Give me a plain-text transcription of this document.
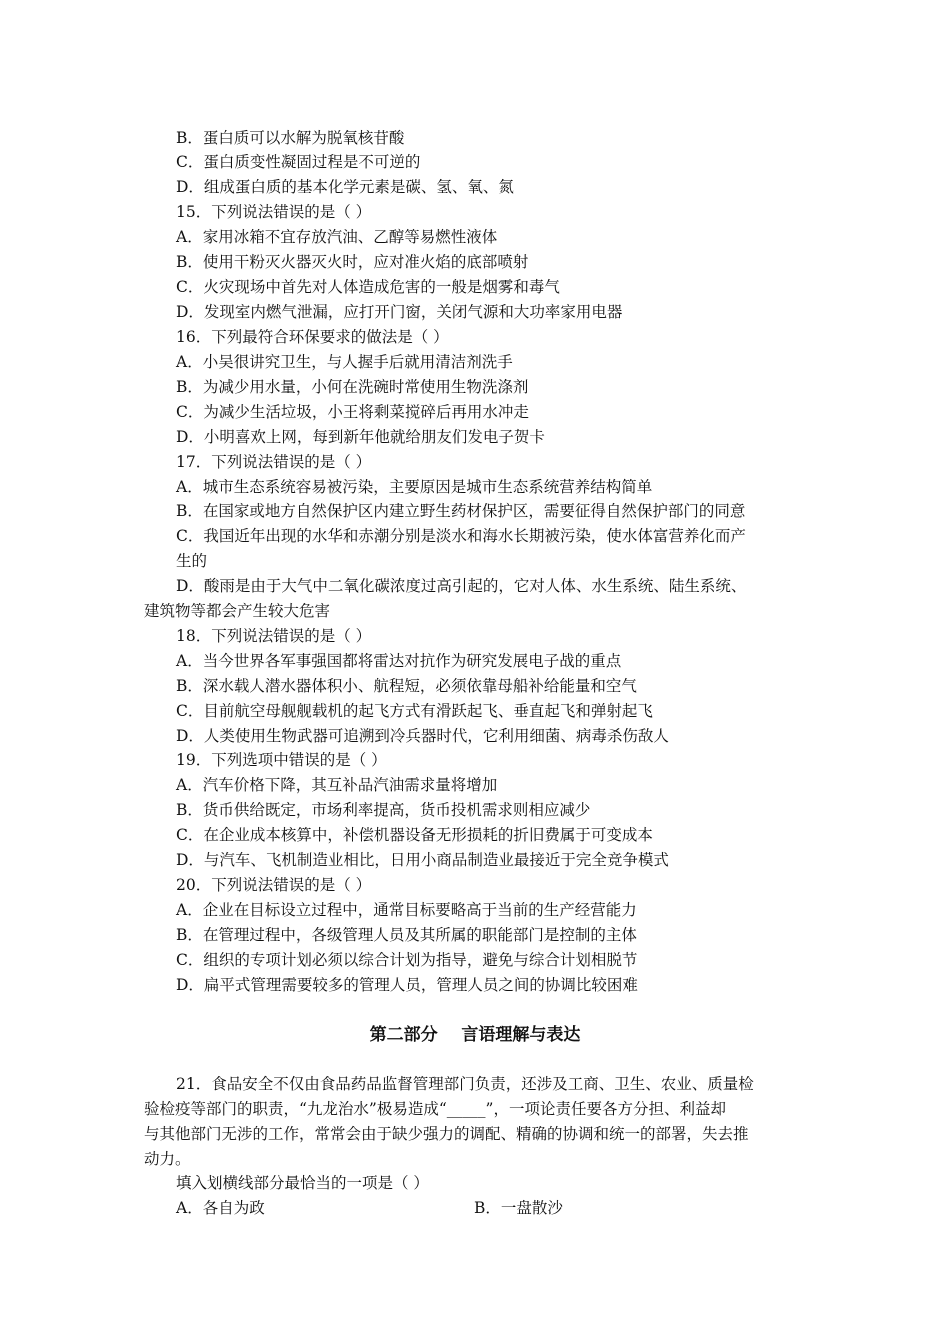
B．蛋白质可以水解为脱氧核苷酸
C．蛋白质变性凝固过程是不可逆的
D．组成蛋白质的基本化学元素是碳、氢、氧、氮
15．下列说法错误的是（ ）
A．家用冰箱不宜存放汽油、乙醇等易燃性液体
B．使用干粉灭火器灭火时，应对准火焰的底部喷射
C．火灾现场中首先对人体造成危害的一般是烟雾和毒气
D．发现室内燃气泄漏，应打开门窗，关闭气源和大功率家用电器
16．下列最符合环保要求的做法是（ ）
A．小吴很讲究卫生，与人握手后就用清洁剂洗手
B．为减少用水量，小何在洗碗时常使用生物洗涤剂
C．为减少生活垃圾，小王将剩菜搅碎后再用水冲走
D．小明喜欢上网，每到新年他就给朋友们发电子贺卡
17．下列说法错误的是（ ）
A．城市生态系统容易被污染，主要原因是城市生态系统营养结构简单
B．在国家或地方自然保护区内建立野生药材保护区，需要征得自然保护部门的同意
C．我国近年出现的水华和赤潮分别是淡水和海水长期被污染，使水体富营养化而产
生的
D．酸雨是由于大气中二氧化碳浓度过高引起的，它对人体、水生系统、陆生系统、
建筑物等都会产生较大危害
18．下列说法错误的是（ ）
A．当今世界各军事强国都将雷达对抗作为研究发展电子战的重点
B．深水载人潜水器体积小、航程短，必须依靠母船补给能量和空气
C．目前航空母舰舰载机的起飞方式有滑跃起飞、垂直起飞和弹射起飞
D．人类使用生物武器可追溯到冷兵器时代，它利用细菌、病毒杀伤敌人
19．下列选项中错误的是（ ）
A．汽车价格下降，其互补品汽油需求量将增加
B．货币供给既定，市场利率提高，货币投机需求则相应减少
C．在企业成本核算中，补偿机器设备无形损耗的折旧费属于可变成本
D．与汽车、飞机制造业相比，日用小商品制造业最接近于完全竞争模式
20．下列说法错误的是（ ）
A．企业在目标设立过程中，通常目标要略高于当前的生产经营能力
B．在管理过程中，各级管理人员及其所属的职能部门是控制的主体
C．组织的专项计划必须以综合计划为指导，避免与综合计划相脱节
D．扁平式管理需要较多的管理人员，管理人员之间的协调比较困难
第二部分    言语理解与表达
21．食品安全不仅由食品药品监督管理部门负责，还涉及工商、卫生、农业、质量检
验检疫等部门的职责，“九龙治水”极易造成“_____”，一项论责任要各方分担、利益却
与其他部门无涉的工作，常常会由于缺少强力的调配、精确的协调和统一的部署，失去推
动力。
填入划横线部分最恰当的一项是（ ）
A．各自为政	B．一盘散沙
